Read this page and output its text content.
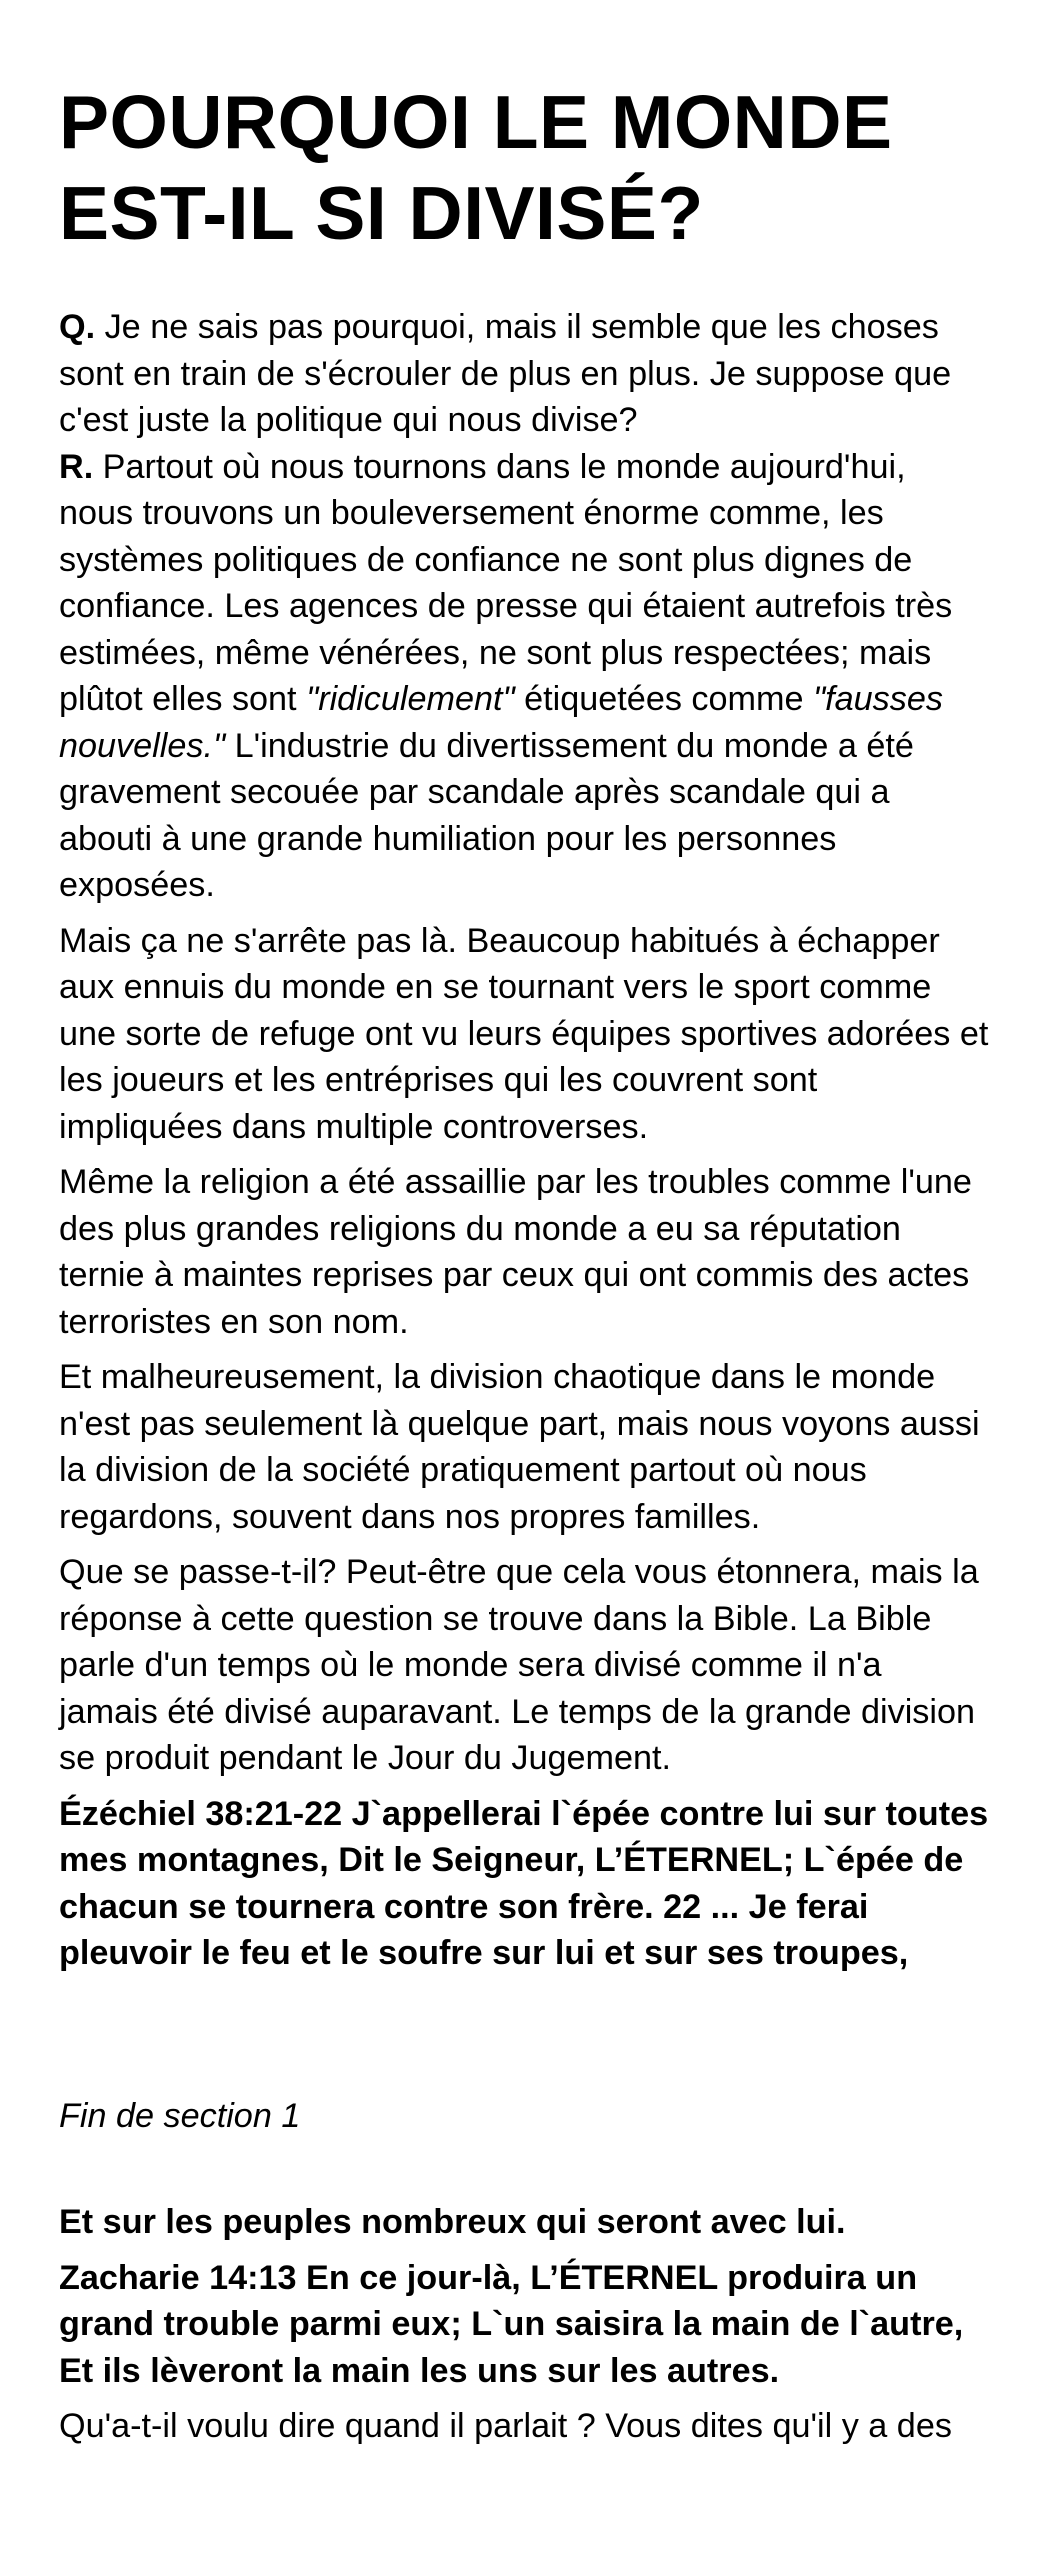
POURQUOI LE MONDE
EST-IL SI DIVISÉ?

Q. Je ne sais pas pourquoi, mais il semble que les choses sont en train de s'écrouler de plus en plus. Je suppose que c'est juste la politique qui nous divise?
R. Partout où nous tournons dans le monde aujourd'hui, nous trouvons un bouleversement énorme comme, les systèmes politiques de confiance ne sont plus dignes de confiance. Les agences de presse qui étaient autrefois très estimées, même vénérées, ne sont plus respectées; mais plûtot elles sont "ridiculement" étiquetées comme "fausses nouvelles." L'industrie du divertissement du monde a été gravement secouée par scandale après scandale qui a abouti à une grande humiliation pour les personnes exposées.

Mais ça ne s'arrête pas là. Beaucoup habitués à échapper aux ennuis du monde en se tournant vers le sport comme une sorte de refuge ont vu leurs équipes sportives adorées et les joueurs et les entréprises qui les couvrent sont impliquées dans multiple controverses.

Même la religion a été assaillie par les troubles comme l'une des plus grandes religions du monde a eu sa réputation ternie à maintes reprises par ceux qui ont commis des actes terroristes en son nom.

Et malheureusement, la division chaotique dans le monde n'est pas seulement là quelque part, mais nous voyons aussi la division de la société pratiquement partout où nous regardons, souvent dans nos propres familles.

Que se passe-t-il? Peut-être que cela vous étonnera, mais la réponse à cette question se trouve dans la Bible. La Bible parle d'un temps où le monde sera divisé comme il n'a jamais été divisé auparavant. Le temps de la grande division se produit pendant le Jour du Jugement.

Ézéchiel 38:21-22 J`appellerai l`épée contre lui sur toutes mes montagnes, Dit le Seigneur, L’ÉTERNEL; L`épée de chacun se tournera contre son frère. 22 ... Je ferai pleuvoir le feu et le soufre sur lui et sur ses troupes,

Fin de section 1

Et sur les peuples nombreux qui seront avec lui.

Zacharie 14:13 En ce jour-là, L’ÉTERNEL produira un grand trouble parmi eux; L`un saisira la main de l`autre, Et ils lèveront la main les uns sur les autres.

Qu'a-t-il voulu dire quand il parlait ? Vous dites qu'il y a des
